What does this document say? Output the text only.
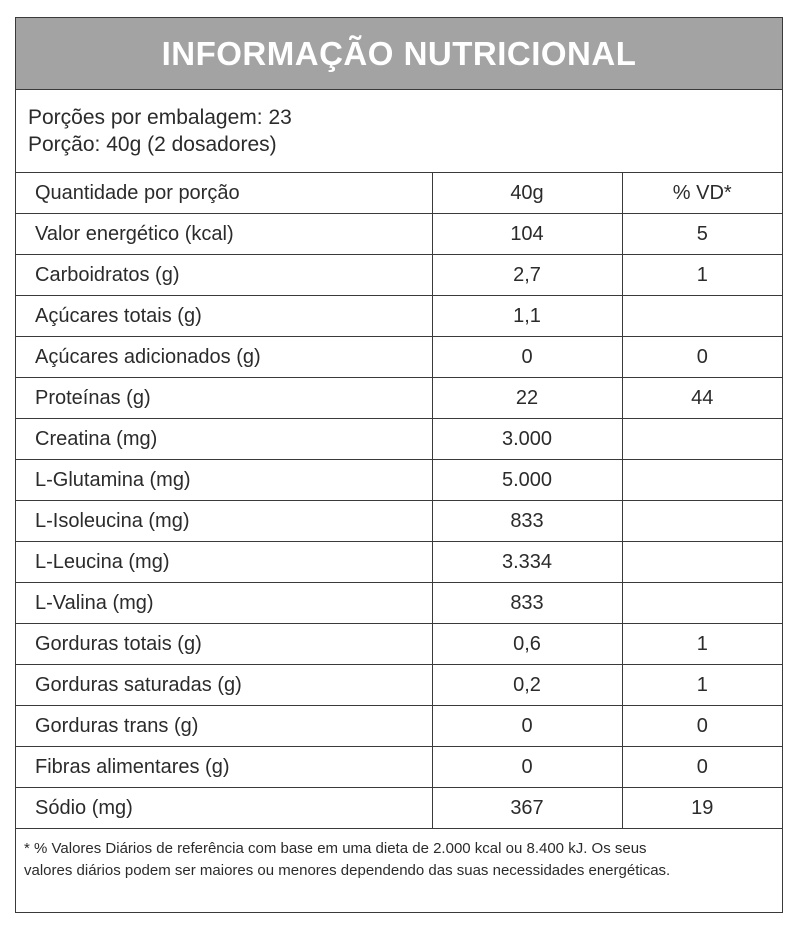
INFORMAÇÃO NUTRICIONAL
Porções por embalagem: 23
Porção: 40g (2 dosadores)
Quantidade por porção	40g	% VD*
Valor energético (kcal)	104	5
Carboidratos (g)	2,7	1
Açúcares totais (g)	1,1	
Açúcares adicionados (g)	0	0
Proteínas (g)	22	44
Creatina (mg)	3.000	
L-Glutamina (mg)	5.000	
L-Isoleucina (mg)	833	
L-Leucina (mg)	3.334	
L-Valina (mg)	833	
Gorduras totais (g)	0,6	1
Gorduras saturadas (g)	0,2	1
Gorduras trans (g)	0	0
Fibras alimentares (g)	0	0
Sódio (mg)	367	19
* % Valores Diários de referência com base em uma dieta de 2.000 kcal ou 8.400 kJ. Os seus
valores diários podem ser maiores ou menores dependendo das suas necessidades energéticas.
